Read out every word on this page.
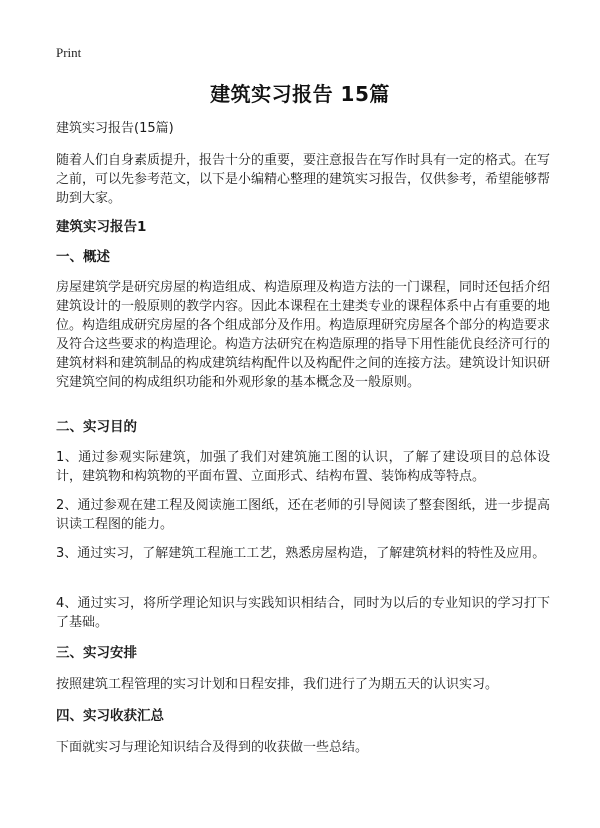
Print
建筑实习报告 15篇
建筑实习报告(15篇)
随着人们自身素质提升，报告十分的重要，要注意报告在写作时具有一定的格式。在写之前，可以先参考范文，以下是小编精心整理的建筑实习报告，仅供参考，希望能够帮助到大家。
建筑实习报告1
一、概述
房屋建筑学是研究房屋的构造组成、构造原理及构造方法的一门课程，同时还包括介绍建筑设计的一般原则的教学内容。因此本课程在土建类专业的课程体系中占有重要的地位。构造组成研究房屋的各个组成部分及作用。构造原理研究房屋各个部分的构造要求及符合这些要求的构造理论。构造方法研究在构造原理的指导下用性能优良经济可行的建筑材料和建筑制品的构成建筑结构配件以及构配件之间的连接方法。建筑设计知识研究建筑空间的构成组织功能和外观形象的基本概念及一般原则。
二、实习目的
1、通过参观实际建筑，加强了我们对建筑施工图的认识，了解了建设项目的总体设计，建筑物和构筑物的平面布置、立面形式、结构布置、装饰构成等特点。
2、通过参观在建工程及阅读施工图纸，还在老师的引导阅读了整套图纸，进一步提高识读工程图的能力。
3、通过实习，了解建筑工程施工工艺，熟悉房屋构造，了解建筑材料的特性及应用。
4、通过实习，将所学理论知识与实践知识相结合，同时为以后的专业知识的学习打下了基础。
三、实习安排
按照建筑工程管理的实习计划和日程安排，我们进行了为期五天的认识实习。
四、实习收获汇总
下面就实习与理论知识结合及得到的收获做一些总结。
